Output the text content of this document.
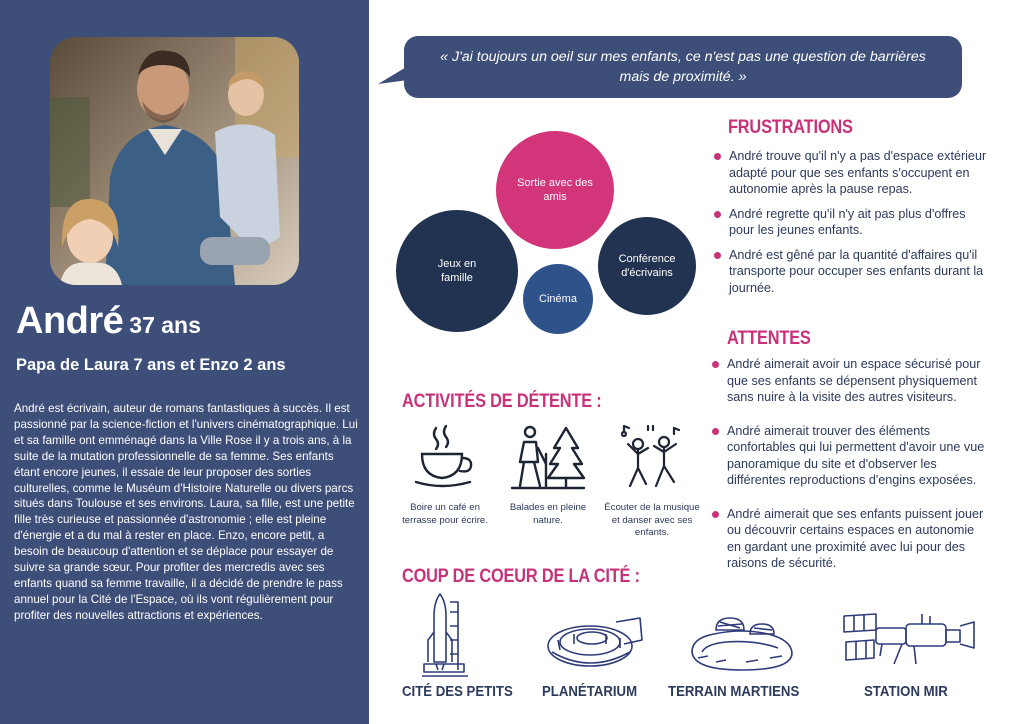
André 37 ans
Papa de Laura 7 ans et Enzo 2 ans
André est écrivain, auteur de romans fantastiques à succès. Il est passionné par la science-fiction et l'univers cinématographique. Lui et sa famille ont emménagé dans la Ville Rose il y a trois ans, à la suite de la mutation professionnelle de sa femme. Ses enfants étant encore jeunes, il essaie de leur proposer des sorties culturelles, comme le Muséum d'Histoire Naturelle ou divers parcs situés dans Toulouse et ses environs. Laura, sa fille, est une petite fille très curieuse et passionnée d'astronomie ; elle est pleine d'énergie et a du mal à rester en place. Enzo, encore petit, a besoin de beaucoup d'attention et se déplace pour essayer de suivre sa grande sœur. Pour profiter des mercredis avec ses enfants quand sa femme travaille, il a décidé de prendre le pass annuel pour la Cité de l'Espace, où ils vont régulièrement pour profiter des nouvelles attractions et expériences.
« J'ai toujours un oeil sur mes enfants, ce n'est pas une question de barrières mais de proximité. »
Sortie avec des amis
Jeux en famille
Conférence d'écrivains
Cinéma
FRUSTRATIONS
André trouve qu'il n'y a pas d'espace extérieur adapté pour que ses enfants s'occupent en autonomie après la pause repas.
André regrette qu'il n'y ait pas plus d'offres pour les jeunes enfants.
André est gêné par la quantité d'affaires qu'il transporte pour occuper ses enfants durant la journée.
ATTENTES
André aimerait avoir un espace sécurisé pour que ses enfants se dépensent physiquement sans nuire à la visite des autres visiteurs.
André aimerait trouver des éléments confortables qui lui permettent d'avoir une vue panoramique du site et d'observer les différentes reproductions d'engins exposées.
André aimerait que ses enfants puissent jouer ou découvrir certains espaces en autonomie en gardant une proximité avec lui pour des raisons de sécurité.
ACTIVITÉS DE DÉTENTE :
Boire un café en terrasse pour écrire.
Balades en pleine nature.
Écouter de la musique et danser avec ses enfants.
COUP DE COEUR DE LA CITÉ :
CITÉ DES PETITS PLANÉTARIUM TERRAIN MARTIENS	STATION MIR
